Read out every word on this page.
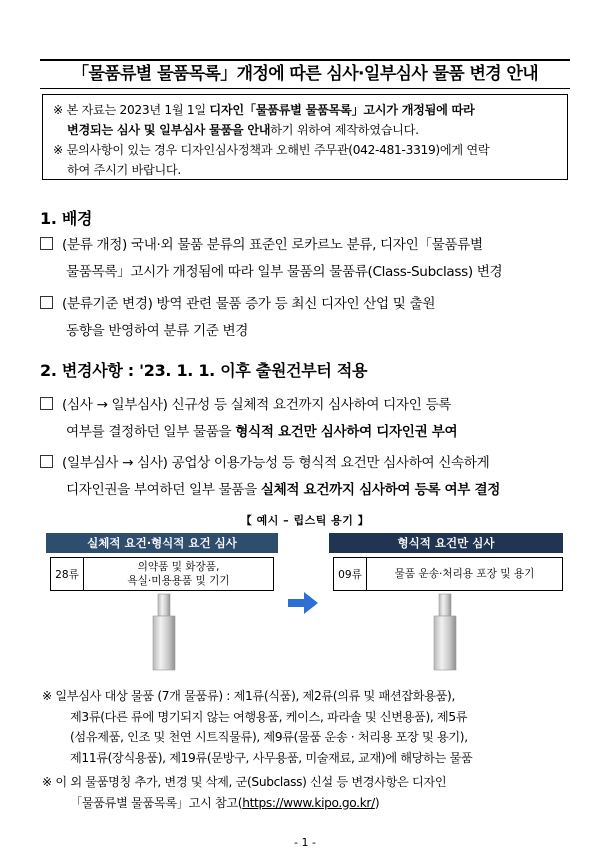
「물품류별 물품목록」개정에 따른 심사·일부심사 물품 변경 안내

※ 본 자료는 2023년 1월 1일 디자인「물품류별 물품목록」고시가 개정됨에 따라

변경되는 심사 및 일부심사 물품을 안내하기 위하여 제작하였습니다.

※ 문의사항이 있는 경우 디자인심사정책과 오해빈 주무관(042-481-3319)에게 연락

하여 주시기 바랍니다.

1. 배경
(분류 개정) 국내·외 물품 분류의 표준인 로카르노 분류, 디자인「물품류별
물품목록」고시가 개정됨에 따라 일부 물품의 물품류(Class-Subclass) 변경
(분류기준 변경) 방역 관련 물품 증가 등 최신 디자인 산업 및 출원
동향을 반영하여 분류 기준 변경
2. 변경사항 : '23. 1. 1. 이후 출원건부터 적용
(심사 → 일부심사) 신규성 등 실체적 요건까지 심사하여 디자인 등록
여부를 결정하던 일부 물품을 형식적 요건만 심사하여 디자인권 부여
(일부심사 → 심사) 공업상 이용가능성 등 형식적 요건만 심사하여 신속하게
디자인권을 부여하던 일부 물품을 실체적 요건까지 심사하여 등록 여부 결정
【 예시 – 립스틱 용기 】
실체적 요건·형식적 요건 심사	형식적 요건만 심사
28류
의약품 및 화장품,
욕실·미용용품 및 기기
09류	물품 운송·처리용 포장 및 용기
※ 일부심사 대상 물품 (7개 물품류) : 제1류(식품), 제2류(의류 및 패션잡화용품),
제3류(다른 류에 명기되지 않는 여행용품, 케이스, 파라솔 및 신변용품), 제5류
(섬유제품, 인조 및 천연 시트직물류), 제9류(물품 운송 · 처리용 포장 및 용기),
제11류(장식용품), 제19류(문방구, 사무용품, 미술재료, 교재)에 해당하는 물품
※ 이 외 물품명칭 추가, 변경 및 삭제, 군(Subclass) 신설 등 변경사항은 디자인
「물품류별 물품목록」고시 참고(https://www.kipo.go.kr/)
- 1 -
